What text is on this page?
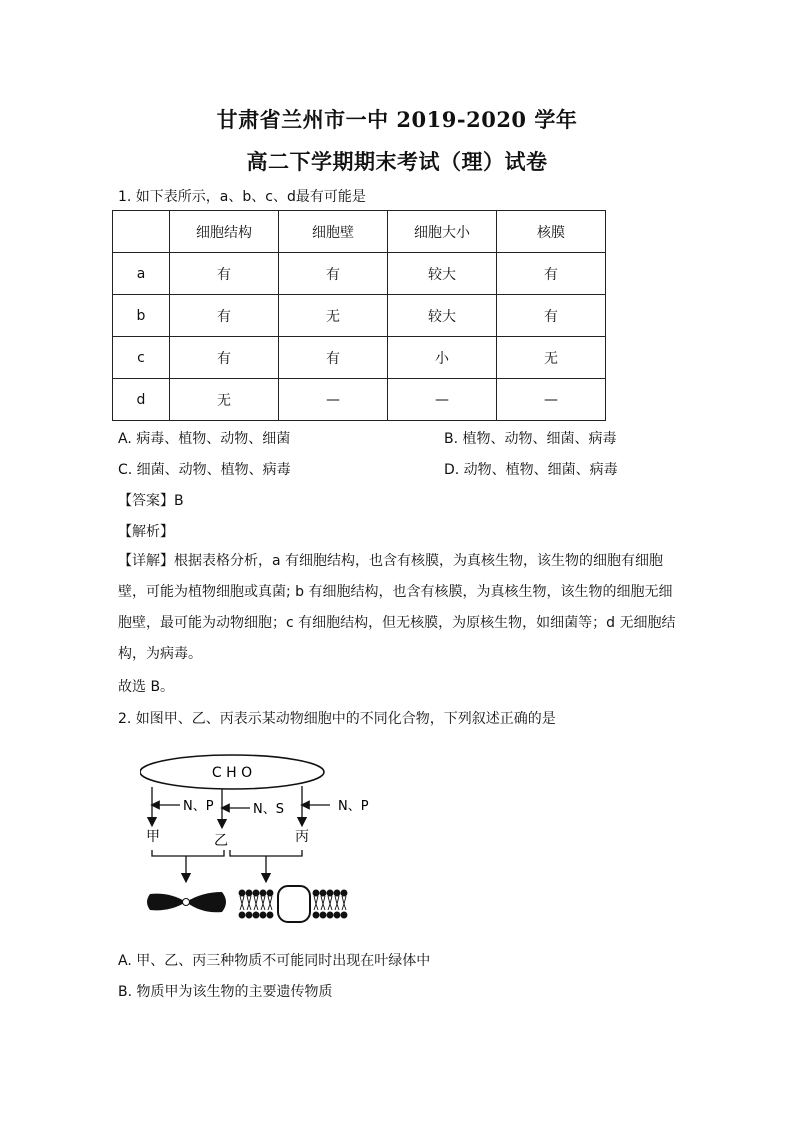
甘肃省兰州市一中 2019-2020 学年
高二下学期期末考试（理）试卷
1. 如下表所示，a、b、c、d最有可能是
	细胞结构	细胞壁	细胞大小	核膜
a	有	有	较大	有
b	有	无	较大	有
c	有	有	小	无
d	无	—	—	—
A. 病毒、植物、动物、细菌	B. 植物、动物、细菌、病毒
C. 细菌、动物、植物、病毒	D. 动物、植物、细菌、病毒
【答案】B
【解析】
【详解】根据表格分析，a 有细胞结构，也含有核膜，为真核生物，该生物的细胞有细胞壁，可能为植物细胞或真菌; b 有细胞结构，也含有核膜，为真核生物，该生物的细胞无细胞壁，最可能为动物细胞；c 有细胞结构，但无核膜，为原核生物，如细菌等；d 无细胞结构，为病毒。
故选 B。
2. 如图甲、乙、丙表示某动物细胞中的不同化合物，下列叙述正确的是
C H O
N、P	N、S	N、P
甲	乙	丙
A. 甲、乙、丙三种物质不可能同时出现在叶绿体中
B. 物质甲为该生物的主要遗传物质
